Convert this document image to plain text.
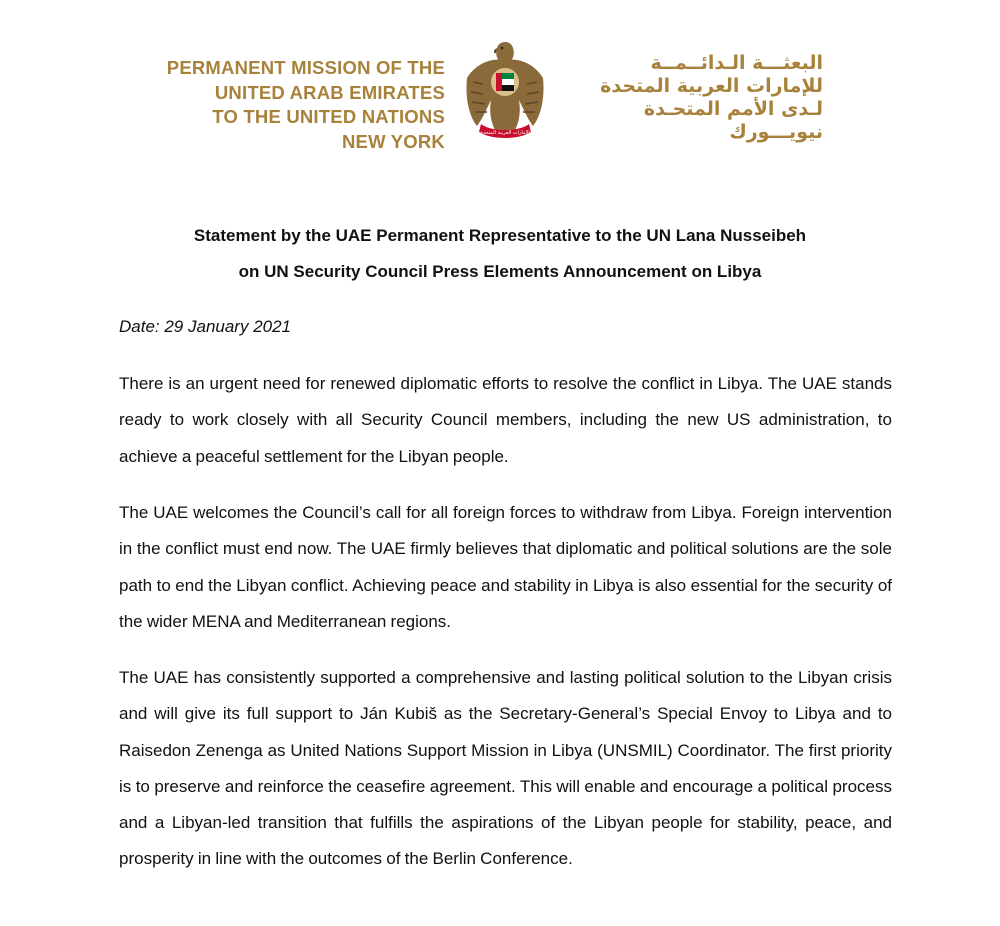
PERMANENT MISSION OF THE
UNITED ARAB EMIRATES
TO THE UNITED NATIONS
NEW YORK	الإمارات العربية المتحدة
البعثـــة الـدائــمــة
للإمارات العربية المتحدة
لـدى الأمم المتحـدة
نيويـــورك
Statement by the UAE Permanent Representative to the UN Lana Nusseibeh
on UN Security Council Press Elements Announcement on Libya
Date: 29 January 2021

There is an urgent need for renewed diplomatic efforts to resolve the conflict in Libya. The UAE stands ready to work closely with all Security Council members, including the new US administration, to achieve a peaceful settlement for the Libyan people.

The UAE welcomes the Council’s call for all foreign forces to withdraw from Libya. Foreign intervention in the conflict must end now. The UAE firmly believes that diplomatic and political solutions are the sole path to end the Libyan conflict. Achieving peace and stability in Libya is also essential for the security of the wider MENA and Mediterranean regions.

The UAE has consistently supported a comprehensive and lasting political solution to the Libyan crisis and will give its full support to Ján Kubiš as the Secretary-General’s Special Envoy to Libya and to Raisedon Zenenga as United Nations Support Mission in Libya (UNSMIL) Coordinator. The first priority is to preserve and reinforce the ceasefire agreement. This will enable and encourage a political process and a Libyan-led transition that fulfills the aspirations of the Libyan people for stability, peace, and prosperity in line with the outcomes of the Berlin Conference.
